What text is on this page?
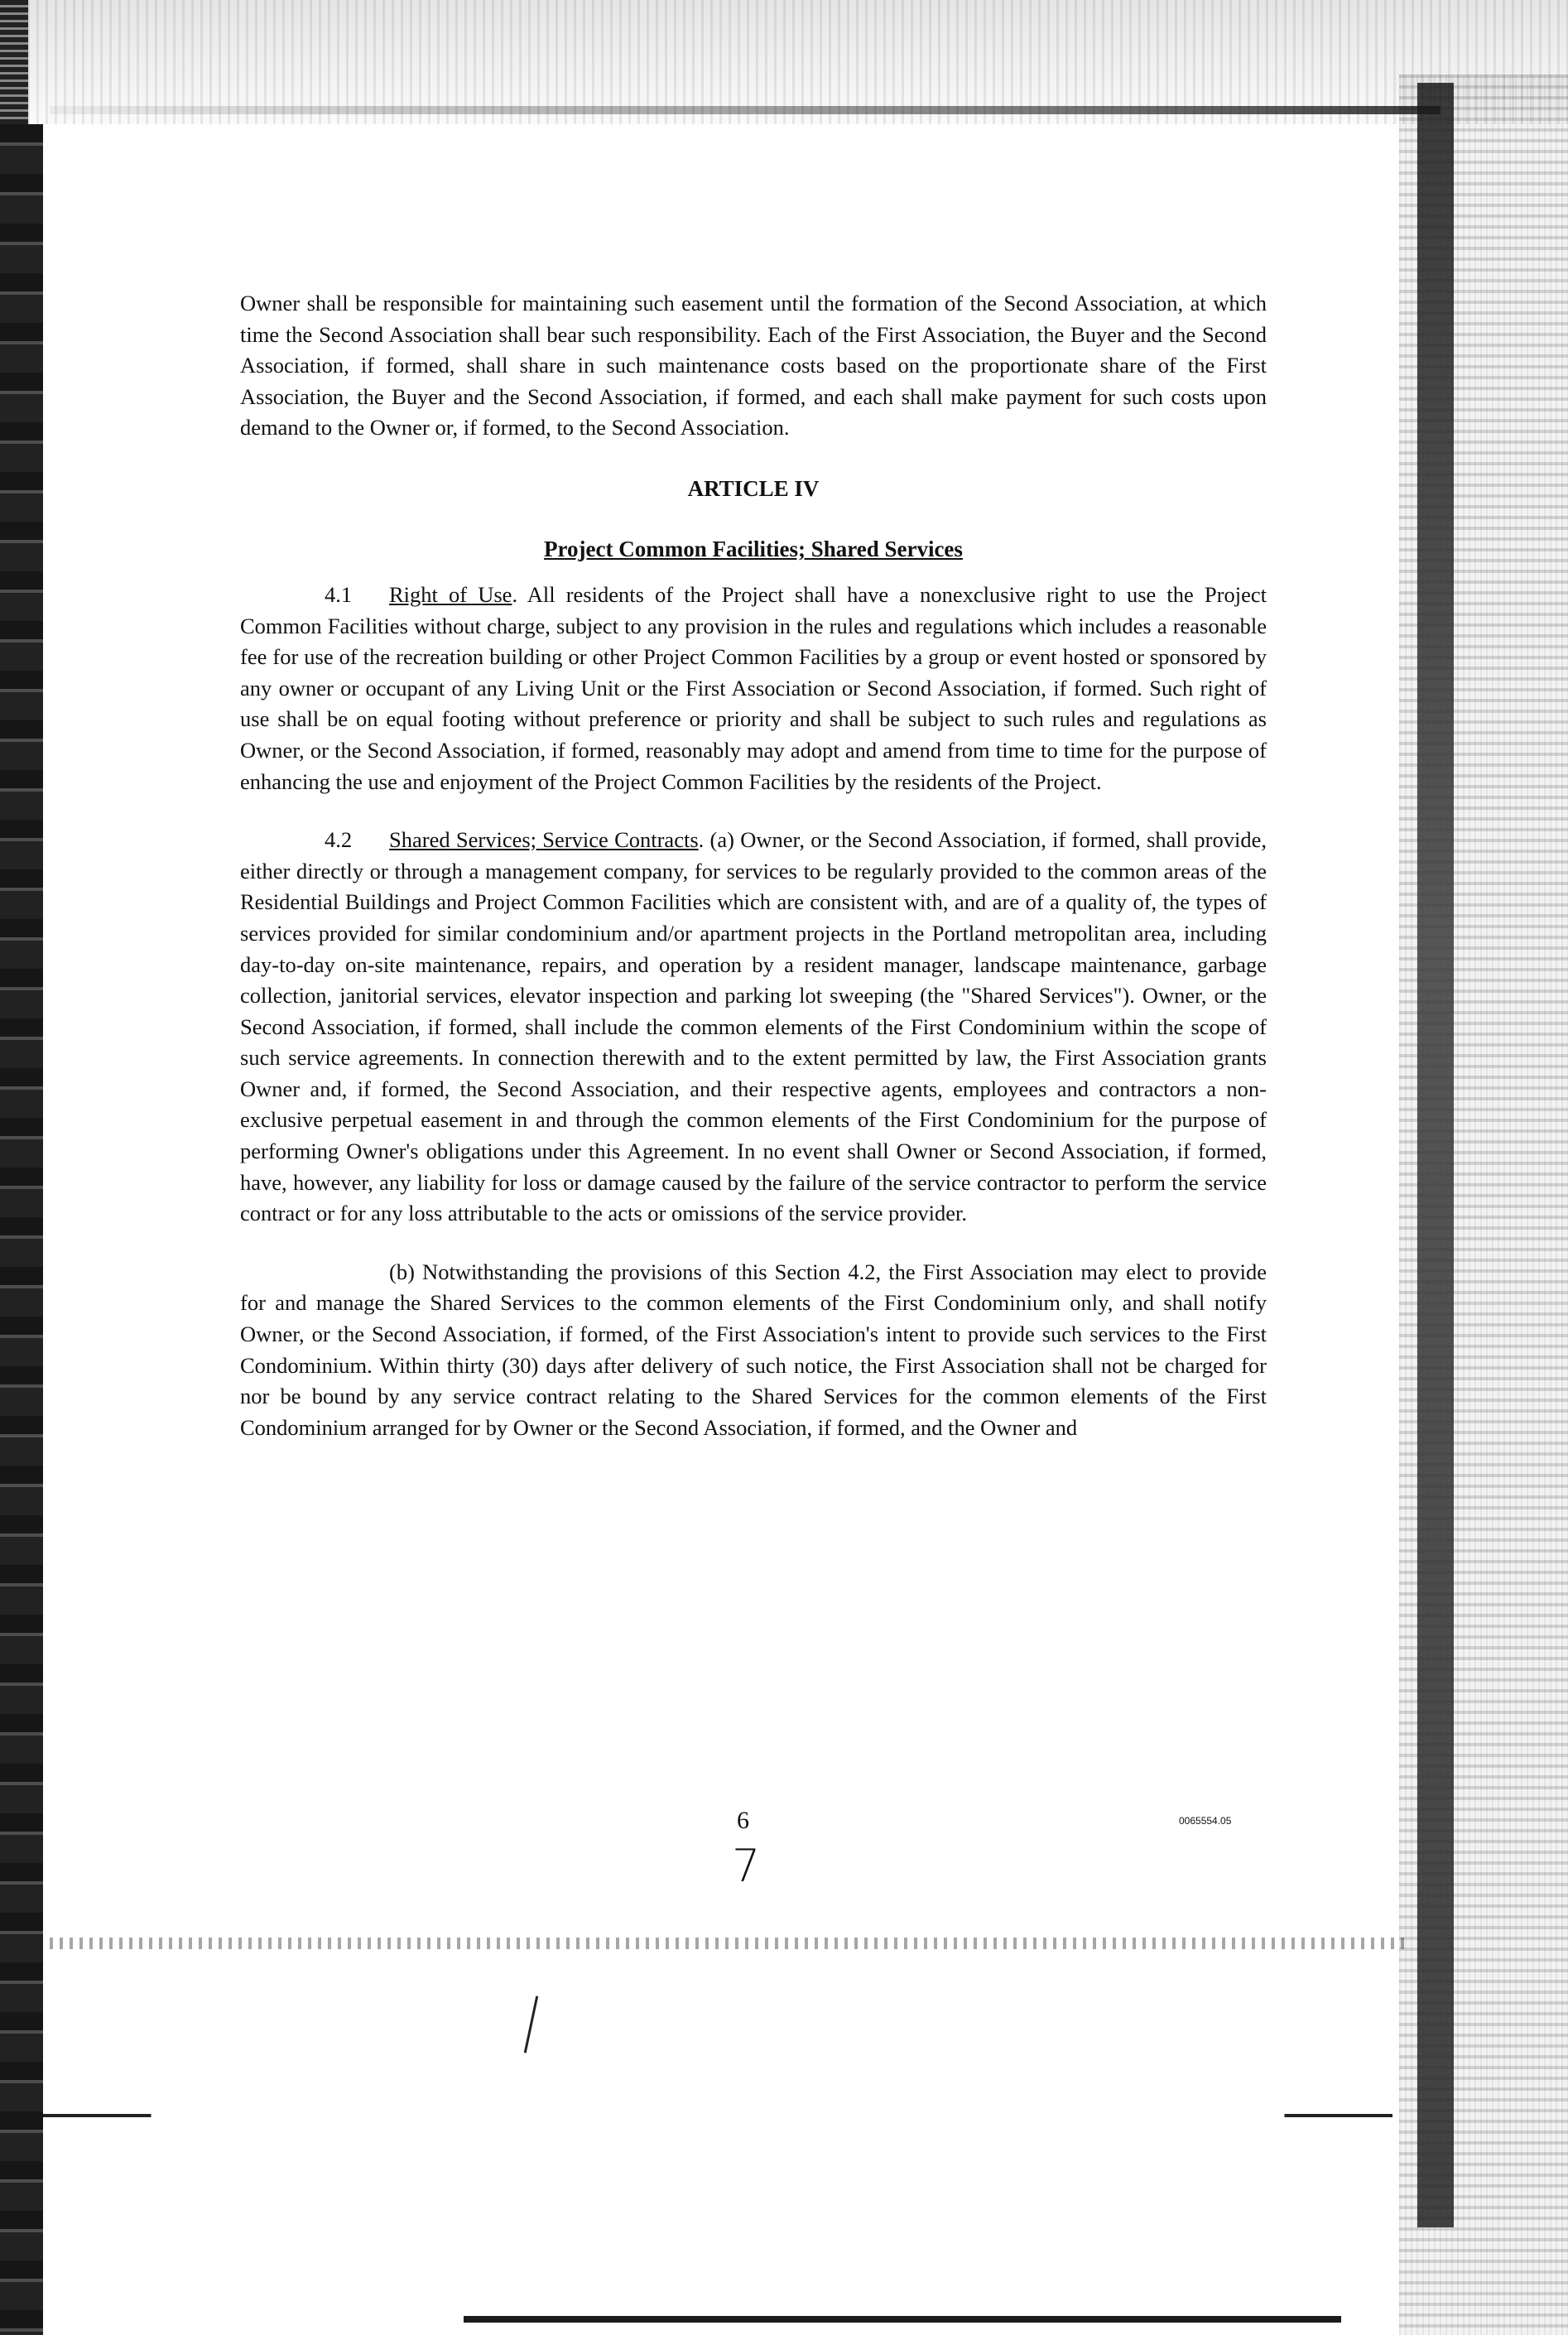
Owner shall be responsible for maintaining such easement until the formation of the Second Association, at which time the Second Association shall bear such responsibility. Each of the First Association, the Buyer and the Second Association, if formed, shall share in such maintenance costs based on the proportionate share of the First Association, the Buyer and the Second Association, if formed, and each shall make payment for such costs upon demand to the Owner or, if formed, to the Second Association.

ARTICLE IV
Project Common Facilities; Shared Services

4.1 Right of Use. All residents of the Project shall have a nonexclusive right to use the Project Common Facilities without charge, subject to any provision in the rules and regulations which includes a reasonable fee for use of the recreation building or other Project Common Facilities by a group or event hosted or sponsored by any owner or occupant of any Living Unit or the First Association or Second Association, if formed. Such right of use shall be on equal footing without preference or priority and shall be subject to such rules and regulations as Owner, or the Second Association, if formed, reasonably may adopt and amend from time to time for the purpose of enhancing the use and enjoyment of the Project Common Facilities by the residents of the Project.

4.2 Shared Services; Service Contracts. (a) Owner, or the Second Association, if formed, shall provide, either directly or through a management company, for services to be regularly provided to the common areas of the Residential Buildings and Project Common Facilities which are consistent with, and are of a quality of, the types of services provided for similar condominium and/or apartment projects in the Portland metropolitan area, including day-to-day on-site maintenance, repairs, and operation by a resident manager, landscape maintenance, garbage collection, janitorial services, elevator inspection and parking lot sweeping (the "Shared Services"). Owner, or the Second Association, if formed, shall include the common elements of the First Condominium within the scope of such service agreements. In connection therewith and to the extent permitted by law, the First Association grants Owner and, if formed, the Second Association, and their respective agents, employees and contractors a non-exclusive perpetual easement in and through the common elements of the First Condominium for the purpose of performing Owner's obligations under this Agreement. In no event shall Owner or Second Association, if formed, have, however, any liability for loss or damage caused by the failure of the service contractor to perform the service contract or for any loss attributable to the acts or omissions of the service provider.

(b) Notwithstanding the provisions of this Section 4.2, the First Association may elect to provide for and manage the Shared Services to the common elements of the First Condominium only, and shall notify Owner, or the Second Association, if formed, of the First Association's intent to provide such services to the First Condominium. Within thirty (30) days after delivery of such notice, the First Association shall not be charged for nor be bound by any service contract relating to the Shared Services for the common elements of the First Condominium arranged for by Owner or the Second Association, if formed, and the Owner and

6	0065554.05
7
